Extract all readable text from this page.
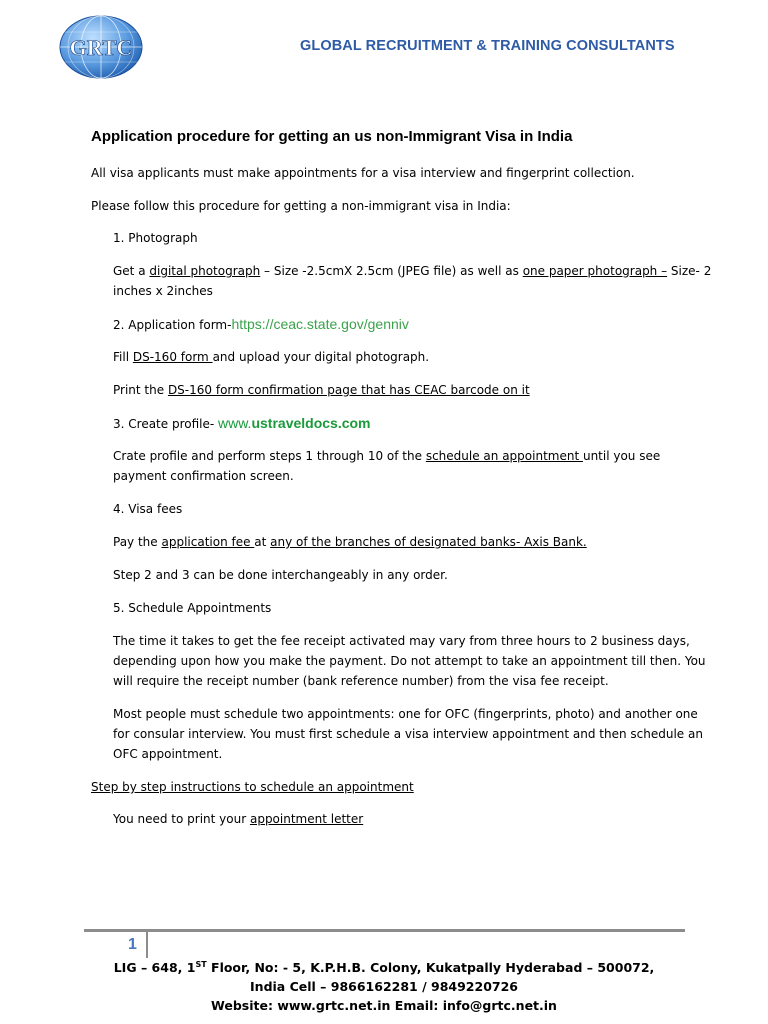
GRTC	GLOBAL RECRUITMENT & TRAINING CONSULTANTS
Application procedure for getting an us non-Immigrant Visa in India
All visa applicants must make appointments for a visa interview and fingerprint collection.
Please follow this procedure for getting a non-immigrant visa in India:
1. Photograph
Get a digital photograph – Size -2.5cmX 2.5cm (JPEG file) as well as one paper photograph – Size- 2
inches x 2inches
2. Application form-https://ceac.state.gov/genniv
Fill DS-160 form and upload your digital photograph.
Print the DS-160 form confirmation page that has CEAC barcode on it
3. Create profile- www.ustraveldocs.com
Crate profile and perform steps 1 through 10 of the schedule an appointment until you see
payment confirmation screen.
4. Visa fees
Pay the application fee at any of the branches of designated banks- Axis Bank.
Step 2 and 3 can be done interchangeably in any order.
5. Schedule Appointments
The time it takes to get the fee receipt activated may vary from three hours to 2 business days,
depending upon how you make the payment. Do not attempt to take an appointment till then. You
will require the receipt number (bank reference number) from the visa fee receipt.
Most people must schedule two appointments: one for OFC (fingerprints, photo) and another one
for consular interview. You must first schedule a visa interview appointment and then schedule an
OFC appointment.
Step by step instructions to schedule an appointment
You need to print your appointment letter
1
LIG – 648, 1ST Floor, No: - 5, K.P.H.B. Colony, Kukatpally Hyderabad – 500072,
India Cell – 9866162281 / 9849220726
Website: www.grtc.net.in Email: info@grtc.net.in
